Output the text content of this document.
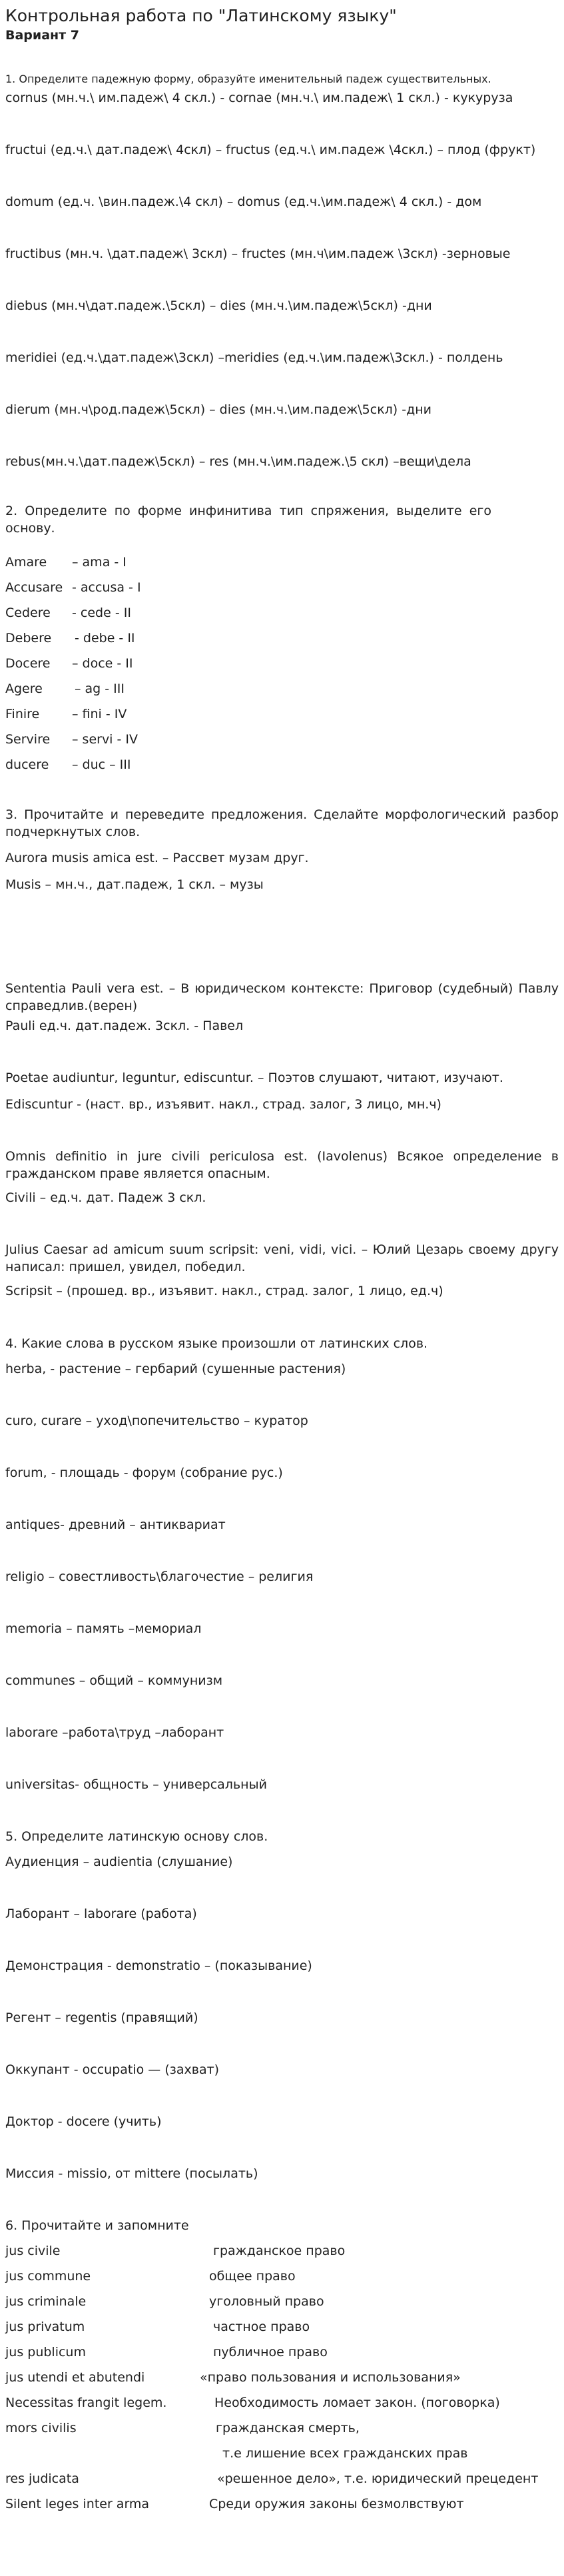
Контрольная работа по "Латинскому языку"
Вариант 7
1. Определите падежную форму, образуйте именительный падеж существительных.
cornus (мн.ч.\ им.падеж\ 4 скл.) - cornae (мн.ч.\ им.падеж\ 1 скл.) - кукуруза
fructui (ед.ч.\ дат.падеж\ 4скл) – fructus (ед.ч.\ им.падеж \4скл.) – плод (фрукт)
domum (ед.ч. \вин.падеж.\4 скл) – domus (ед.ч.\им.падеж\ 4 скл.) - дом
fructibus (мн.ч. \дат.падеж\ 3скл) – fructes (мн.ч\им.падеж \3скл) -зерновые
diebus (мн.ч\дат.падеж.\5скл) – dies (мн.ч.\им.падеж\5скл) -дни
meridiei (ед.ч.\дат.падеж\3скл) –meridies (ед.ч.\им.падеж\3скл.) - полдень
dierum (мн.ч\род.падеж\5скл) – dies (мн.ч.\им.падеж\5скл) -дни
rebus(мн.ч.\дат.падеж\5скл) – res (мн.ч.\им.падеж.\5 скл) –вещи\дела
2. Определите по форме инфинитива тип спряжения, выделите его основу.
Amare – ama - I
Accusare - accusa - I
Cedere - cede - II
Debere - debe - II
Docere – doce - II
Agere	– ag - III
Finire	– fini - IV
Servire – servi - IV
ducere – duc – III
3. Прочитайте и переведите предложения. Сделайте морфологический разбор подчеркнутых слов.
Aurora musis amica est. – Рассвет музам друг.
Musis – мн.ч., дат.падеж, 1 скл. – музы
Sententia Pauli vera est. – В юридическом контексте: Приговор (судебный) Павлу справедлив.(верен)
Pauli ед.ч. дат.падеж. 3скл. - Павел
Poetae audiuntur, leguntur, ediscuntur. – Поэтов слушают, читают, изучают.
Ediscuntur - (наст. вр., изъявит. накл., страд. залог, 3 лицо, мн.ч)
Omnis definitio in jure civili periculosa est. (Iavolenus) Всякое определение в гражданском праве является опасным.
Civili – ед.ч. дат. Падеж 3 скл.
Julius Caesar ad amicum suum scripsit: veni, vidi, vici. – Юлий Цезарь своему другу написал: пришел, увидел, победил.
Scripsit – (прошед. вр., изъявит. накл., страд. залог, 1 лицо, ед.ч)
4. Какие слова в русском языке произошли от латинских слов.
herba, - растение – гербарий (сушенные растения)
curo, curare – уход\попечительство – куратор
forum, - площадь - форум (собрание рус.)
antiques- древний – антиквариат
religio – совестливость\благочестие – религия
memoria – память –мемориал
communes – общий – коммунизм
laborare –работа\труд –лаборант
universitas- общность – универсальный
5. Определите латинскую основу слов.
Аудиенция – audientia (слушание)
Лаборант – laborare (работа)
Демонстрация - demonstratio – (показывание)
Регент – regentis (правящий)
Оккупант - occupatio — (захват)
Доктор - docere (учить)
Миссия - missio, от mittere (посылать)
6. Прочитайте и запомните
jus civile	гражданское право
jus commune	общее право
jus criminale	уголовный право
jus privatum	частное право
jus publicum	публичное право
jus utendi et abutendi	«право пользования и использования»
Necessitas frangit legem.	Необходимость ломает закон. (поговорка)
mors civilis	гражданская смерть,
т.е лишение всех гражданских прав
res judicata	«решенное дело», т.е. юридический прецедент
Silent leges inter arma	Среди оружия законы безмолвствуют
